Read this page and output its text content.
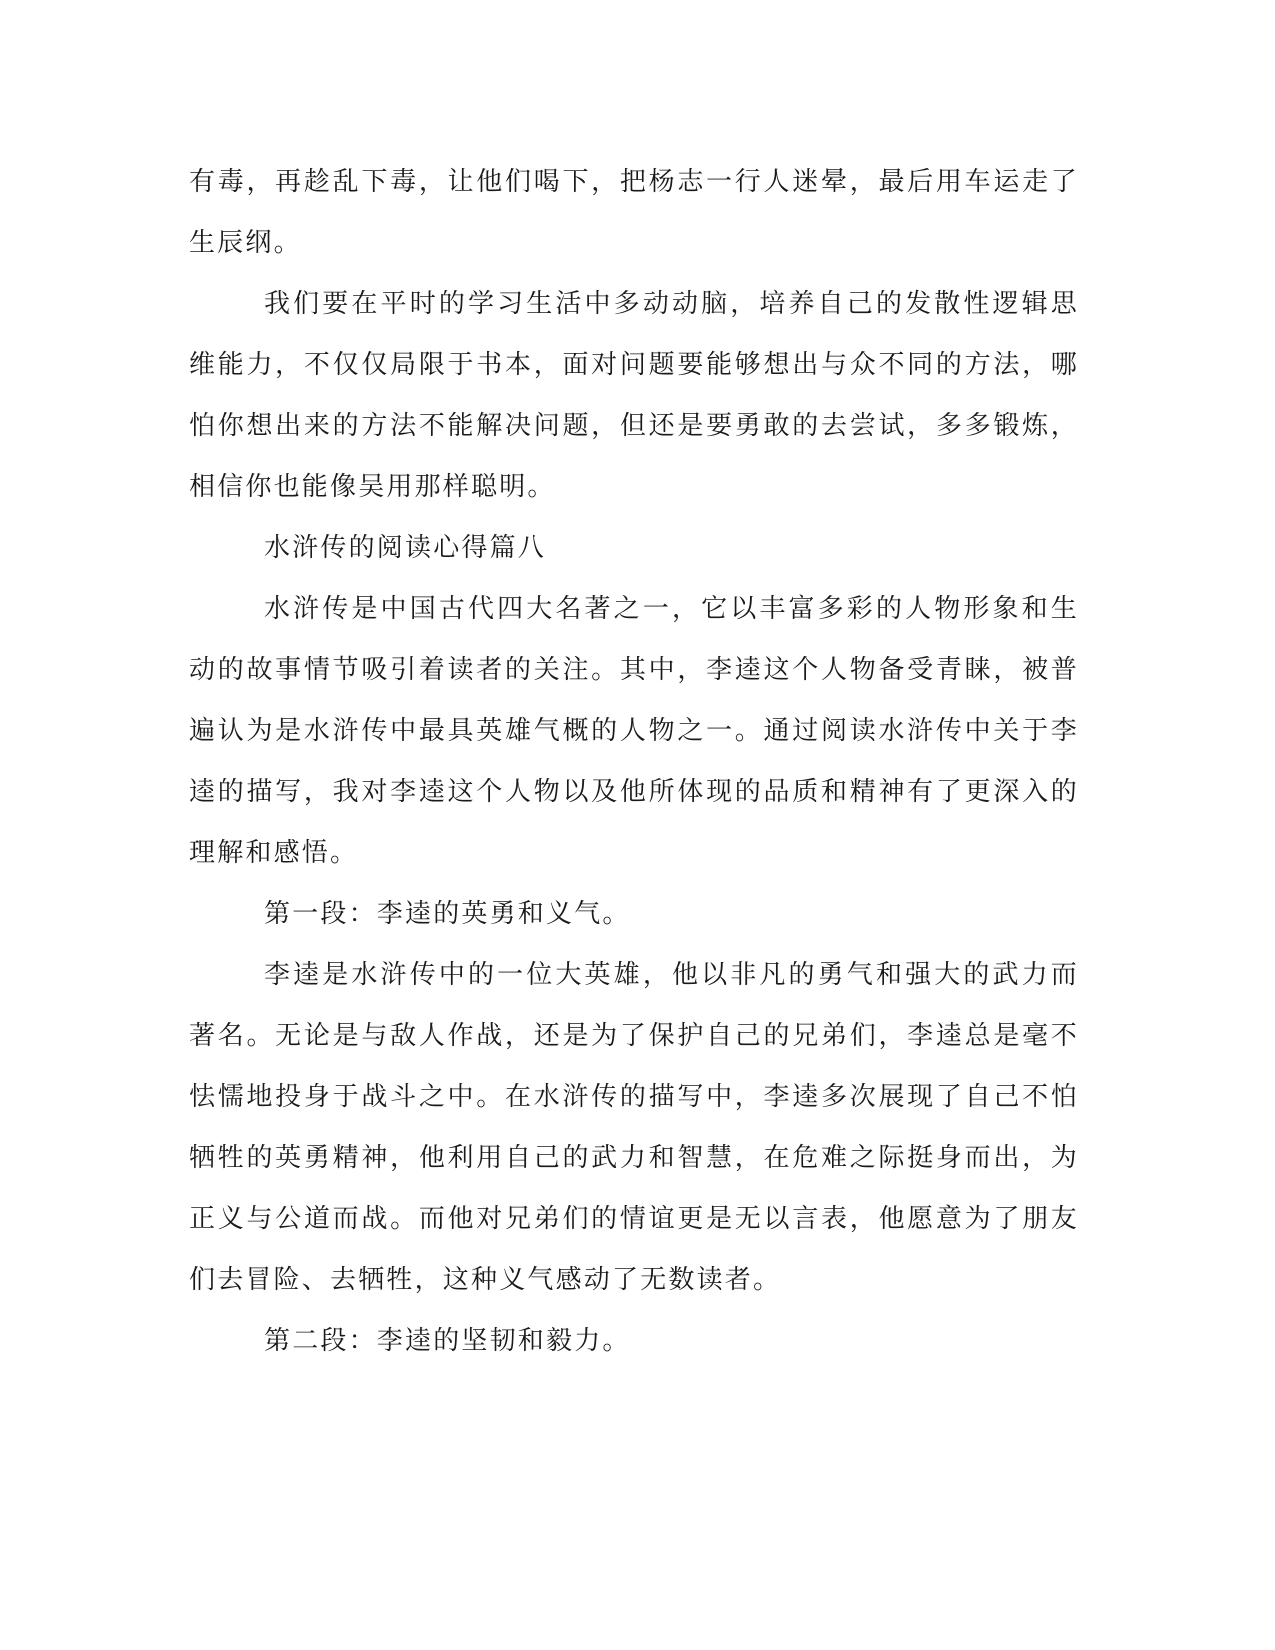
有毒，再趁乱下毒，让他们喝下，把杨志一行人迷晕，最后用车运走了生辰纲。

我们要在平时的学习生活中多动动脑，培养自己的发散性逻辑思维能力，不仅仅局限于书本，面对问题要能够想出与众不同的方法，哪怕你想出来的方法不能解决问题，但还是要勇敢的去尝试，多多锻炼，相信你也能像吴用那样聪明。

水浒传的阅读心得篇八

水浒传是中国古代四大名著之一，它以丰富多彩的人物形象和生动的故事情节吸引着读者的关注。其中，李逵这个人物备受青睐，被普遍认为是水浒传中最具英雄气概的人物之一。通过阅读水浒传中关于李逵的描写，我对李逵这个人物以及他所体现的品质和精神有了更深入的理解和感悟。

第一段：李逵的英勇和义气。

李逵是水浒传中的一位大英雄，他以非凡的勇气和强大的武力而著名。无论是与敌人作战，还是为了保护自己的兄弟们，李逵总是毫不怯懦地投身于战斗之中。在水浒传的描写中，李逵多次展现了自己不怕牺牲的英勇精神，他利用自己的武力和智慧，在危难之际挺身而出，为正义与公道而战。而他对兄弟们的情谊更是无以言表，他愿意为了朋友们去冒险、去牺牲，这种义气感动了无数读者。

第二段：李逵的坚韧和毅力。
